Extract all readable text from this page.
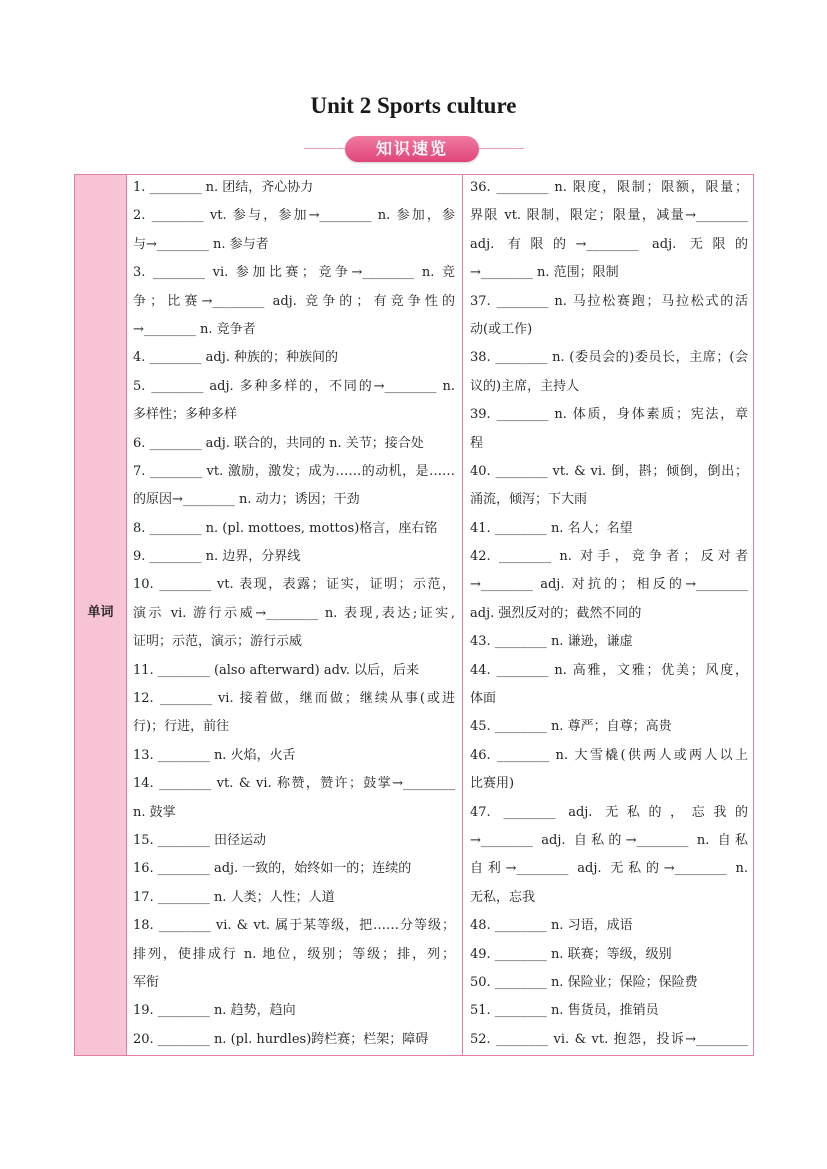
Unit 2 Sports culture
知识速览
单词
1. ________ n. 团结，齐心协力
2. ________ vt. 参与，参加→________ n. 参加，参
与→________ n. 参与者
3. ________ vi. 参加比赛；竞争→________ n. 竞
争；比赛→________ adj. 竞争的；有竞争性的
→________ n. 竞争者
4. ________ adj. 种族的；种族间的
5. ________ adj. 多种多样的，不同的→________ n.
多样性；多种多样
6. ________ adj. 联合的，共同的 n. 关节；接合处
7. ________ vt. 激励，激发；成为……的动机，是……
的原因→________ n. 动力；诱因；干劲
8. ________ n. (pl. mottoes, mottos)格言，座右铭
9. ________ n. 边界，分界线
10. ________ vt. 表现，表露；证实，证明；示范，
演示 vi. 游行示威→________ n. 表现,表达;证实,
证明；示范，演示；游行示威
11. ________ (also afterward) adv. 以后，后来
12. ________ vi. 接着做，继而做；继续从事(或进
行)；行进，前往
13. ________ n. 火焰，火舌
14. ________ vt. & vi. 称赞，赞许；鼓掌→________
n. 鼓掌
15. ________ 田径运动
16. ________ adj. 一致的，始终如一的；连续的
17. ________ n. 人类；人性；人道
18. ________ vi. & vt. 属于某等级，把……分等级；
排列，使排成行 n. 地位，级别；等级；排，列；
军衔
19. ________ n. 趋势，趋向
20. ________ n. (pl. hurdles)跨栏赛；栏架；障碍
36. ________ n. 限度，限制；限额，限量；
界限 vt. 限制，限定；限量，减量→________
adj. 有限的→________ adj. 无限的
→________ n. 范围；限制
37. ________ n. 马拉松赛跑；马拉松式的活
动(或工作)
38. ________ n. (委员会的)委员长，主席；(会
议的)主席，主持人
39. ________ n. 体质，身体素质；宪法，章
程
40. ________ vt. & vi. 倒，斟；倾倒，倒出；
涌流，倾泻；下大雨
41. ________ n. 名人；名望
42. ________ n. 对手，竞争者；反对者
→________ adj. 对抗的；相反的→________
adj. 强烈反对的；截然不同的
43. ________ n. 谦逊，谦虚
44. ________ n. 高雅，文雅；优美；风度，
体面
45. ________ n. 尊严；自尊；高贵
46. ________ n. 大雪橇(供两人或两人以上
比赛用)
47. ________ adj. 无私的，忘我的
→________ adj. 自私的→________ n. 自私
自利→________ adj. 无私的→________ n.
无私，忘我
48. ________ n. 习语，成语
49. ________ n. 联赛；等级，级别
50. ________ n. 保险业；保险；保险费
51. ________ n. 售货员，推销员
52. ________ vi. & vt. 抱怨，投诉→________
